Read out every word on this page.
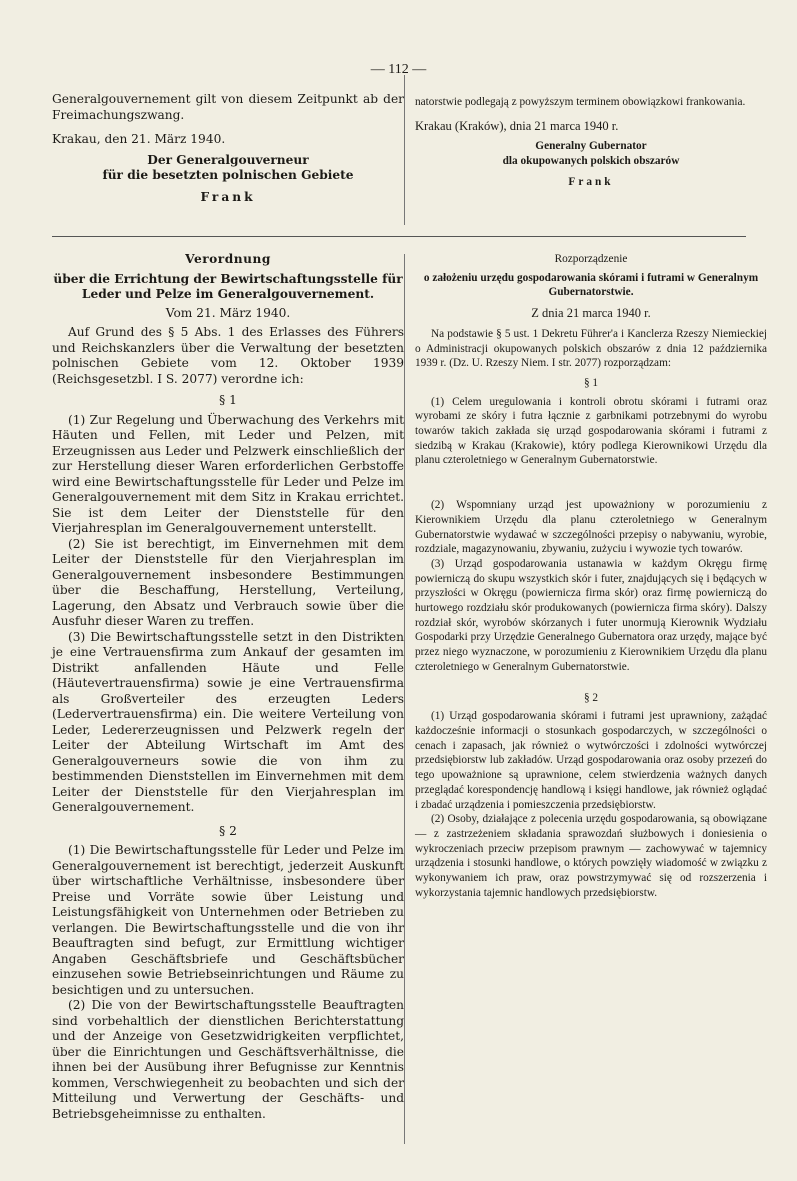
— 112 —

Generalgouvernement gilt von diesem Zeitpunkt ab der Freimachungszwang.

Krakau, den 21. März 1940.

Der Generalgouverneur
für die besetzten polnischen Gebiete
Frank

natorstwie podlegają z powyższym terminem obowiązkowi frankowania.

Krakau (Kraków), dnia 21 marca 1940 r.

Generalny Gubernator
dla okupowanych polskich obszarów
Frank
Verordnung
über die Errichtung der Bewirtschaftungsstelle für Leder und Pelze im Generalgouvernement.
Vom 21. März 1940.

Auf Grund des § 5 Abs. 1 des Erlasses des Führers und Reichskanzlers über die Verwaltung der besetzten polnischen Gebiete vom 12. Oktober 1939 (Reichsgesetzbl. I S. 2077) verordne ich:

§ 1

(1) Zur Regelung und Überwachung des Verkehrs mit Häuten und Fellen, mit Leder und Pelzen, mit Erzeugnissen aus Leder und Pelzwerk einschließlich der zur Herstellung dieser Waren erforderlichen Gerbstoffe wird eine Bewirtschaftungsstelle für Leder und Pelze im Generalgouvernement mit dem Sitz in Krakau errichtet. Sie ist dem Leiter der Dienststelle für den Vierjahresplan im Generalgouvernement unterstellt.

(2) Sie ist berechtigt, im Einvernehmen mit dem Leiter der Dienststelle für den Vierjahresplan im Generalgouvernement insbesondere Bestimmungen über die Beschaffung, Herstellung, Verteilung, Lagerung, den Absatz und Verbrauch sowie über die Ausfuhr dieser Waren zu treffen.

(3) Die Bewirtschaftungsstelle setzt in den Distrikten je eine Vertrauensfirma zum Ankauf der gesamten im Distrikt anfallenden Häute und Felle (Häutevertrauensfirma) sowie je eine Vertrauensfirma als Großverteiler des erzeugten Leders (Ledervertrauensfirma) ein. Die weitere Verteilung von Leder, Ledererzeugnissen und Pelzwerk regeln der Leiter der Abteilung Wirtschaft im Amt des Generalgouverneurs sowie die von ihm zu bestimmenden Dienststellen im Einvernehmen mit dem Leiter der Dienststelle für den Vierjahresplan im Generalgouvernement.

§ 2

(1) Die Bewirtschaftungsstelle für Leder und Pelze im Generalgouvernement ist berechtigt, jederzeit Auskunft über wirtschaftliche Verhältnisse, insbesondere über Preise und Vorräte sowie über Leistung und Leistungsfähigkeit von Unternehmen oder Betrieben zu verlangen. Die Bewirtschaftungsstelle und die von ihr Beauftragten sind befugt, zur Ermittlung wichtiger Angaben Geschäftsbriefe und Geschäftsbücher einzusehen sowie Betriebseinrichtungen und Räume zu besichtigen und zu untersuchen.

(2) Die von der Bewirtschaftungsstelle Beauftragten sind vorbehaltlich der dienstlichen Berichterstattung und der Anzeige von Gesetzwidrigkeiten verpflichtet, über die Einrichtungen und Geschäftsverhältnisse, die ihnen bei der Ausübung ihrer Befugnisse zur Kenntnis kommen, Verschwiegenheit zu beobachten und sich der Mitteilung und Verwertung der Geschäfts- und Betriebsgeheimnisse zu enthalten.

Rozporządzenie
o założeniu urzędu gospodarowania skórami i futrami w Generalnym Gubernatorstwie.
Z dnia 21 marca 1940 r.

Na podstawie § 5 ust. 1 Dekretu Führer'a i Kanclerza Rzeszy Niemieckiej o Administracji okupowanych polskich obszarów z dnia 12 października 1939 r. (Dz. U. Rzeszy Niem. I str. 2077) rozporządzam:

§ 1

(1) Celem uregulowania i kontroli obrotu skórami i futrami oraz wyrobami ze skóry i futra łącznie z garbnikami potrzebnymi do wyrobu towarów takich zakłada się urząd gospodarowania skórami i futrami z siedzibą w Krakau (Krakowie), który podlega Kierownikowi Urzędu dla planu czteroletniego w Generalnym Gubernatorstwie.

(2) Wspomniany urząd jest upoważniony w porozumieniu z Kierownikiem Urzędu dla planu czteroletniego w Generalnym Gubernatorstwie wydawać w szczególności przepisy o nabywaniu, wyrobie, rozdziale, magazynowaniu, zbywaniu, zużyciu i wywozie tych towarów.

(3) Urząd gospodarowania ustanawia w każdym Okręgu firmę powierniczą do skupu wszystkich skór i futer, znajdujących się i będących w przyszłości w Okręgu (powiernicza firma skór) oraz firmę powierniczą do hurtowego rozdziału skór produkowanych (powiernicza firma skóry). Dalszy rozdział skór, wyrobów skórzanych i futer unormują Kierownik Wydziału Gospodarki przy Urzędzie Generalnego Gubernatora oraz urzędy, mające być przez niego wyznaczone, w porozumieniu z Kierownikiem Urzędu dla planu czteroletniego w Generalnym Gubernatorstwie.

§ 2

(1) Urząd gospodarowania skórami i futrami jest uprawniony, zażądać każdocześnie informacji o stosunkach gospodarczych, w szczególności o cenach i zapasach, jak również o wytwórczości i zdolności wytwórczej przedsiębiorstw lub zakładów. Urząd gospodarowania oraz osoby przezeń do tego upoważnione są uprawnione, celem stwierdzenia ważnych danych przeglądać korespondencję handlową i księgi handlowe, jak również oglądać i zbadać urządzenia i pomieszczenia przedsiębiorstw.

(2) Osoby, działające z polecenia urzędu gospodarowania, są obowiązane — z zastrzeżeniem składania sprawozdań służbowych i doniesienia o wykroczeniach przeciw przepisom prawnym — zachowywać w tajemnicy urządzenia i stosunki handlowe, o których powzięły wiadomość w związku z wykonywaniem ich praw, oraz powstrzymywać się od rozszerzenia i wykorzystania tajemnic handlowych przedsiębiorstw.
